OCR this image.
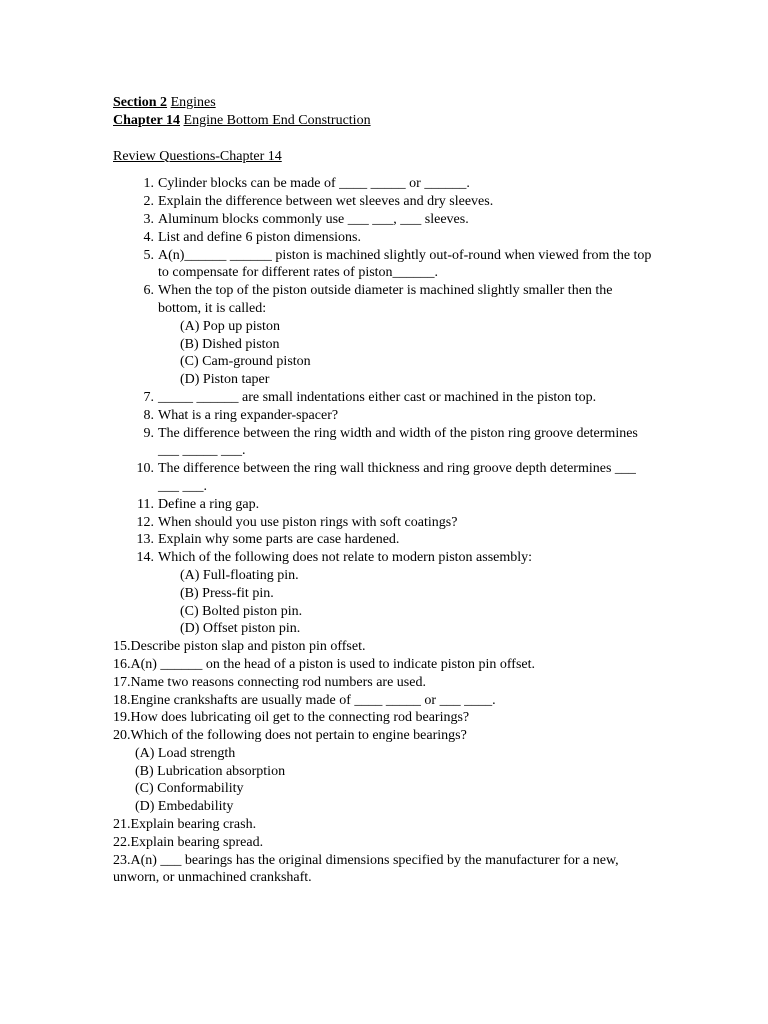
Section 2 Engines
Chapter 14 Engine Bottom End Construction
Review Questions-Chapter 14
1. Cylinder blocks can be made of ____ _____ or ______.
2. Explain the difference between wet sleeves and dry sleeves.
3. Aluminum blocks commonly use ___ ___, ___ sleeves.
4. List and define 6 piston dimensions.
5. A(n)______ ______ piston is machined slightly out-of-round when viewed from the top to compensate for different rates of piston______.
6. When the top of the piston outside diameter is machined slightly smaller then the bottom, it is called:
(A) Pop up piston
(B) Dished piston
(C) Cam-ground piston
(D) Piston taper
7. _____ ______ are small indentations either cast or machined in the piston top.
8. What is a ring expander-spacer?
9. The difference between the ring width and width of the piston ring groove determines ___ _____ ___.
10. The difference between the ring wall thickness and ring groove depth determines ___ ___ ___.
11. Define a ring gap.
12. When should you use piston rings with soft coatings?
13. Explain why some parts are case hardened.
14. Which of the following does not relate to modern piston assembly:
(A) Full-floating pin.
(B) Press-fit pin.
(C) Bolted piston pin.
(D) Offset piston pin.
15.Describe piston slap and piston pin offset.
16.A(n) ______ on the head of a piston is used to indicate piston pin offset.
17.Name two reasons connecting rod numbers are used.
18.Engine crankshafts are usually made of ____ _____ or ___ ____.
19.How does lubricating oil get to the connecting rod bearings?
20.Which of the following does not pertain to engine bearings?
(A) Load strength
(B) Lubrication absorption
(C) Conformability
(D) Embedability
21.Explain bearing crash.
22.Explain bearing spread.
23.A(n) ___ bearings has the original dimensions specified by the manufacturer for a new, unworn, or unmachined crankshaft.
